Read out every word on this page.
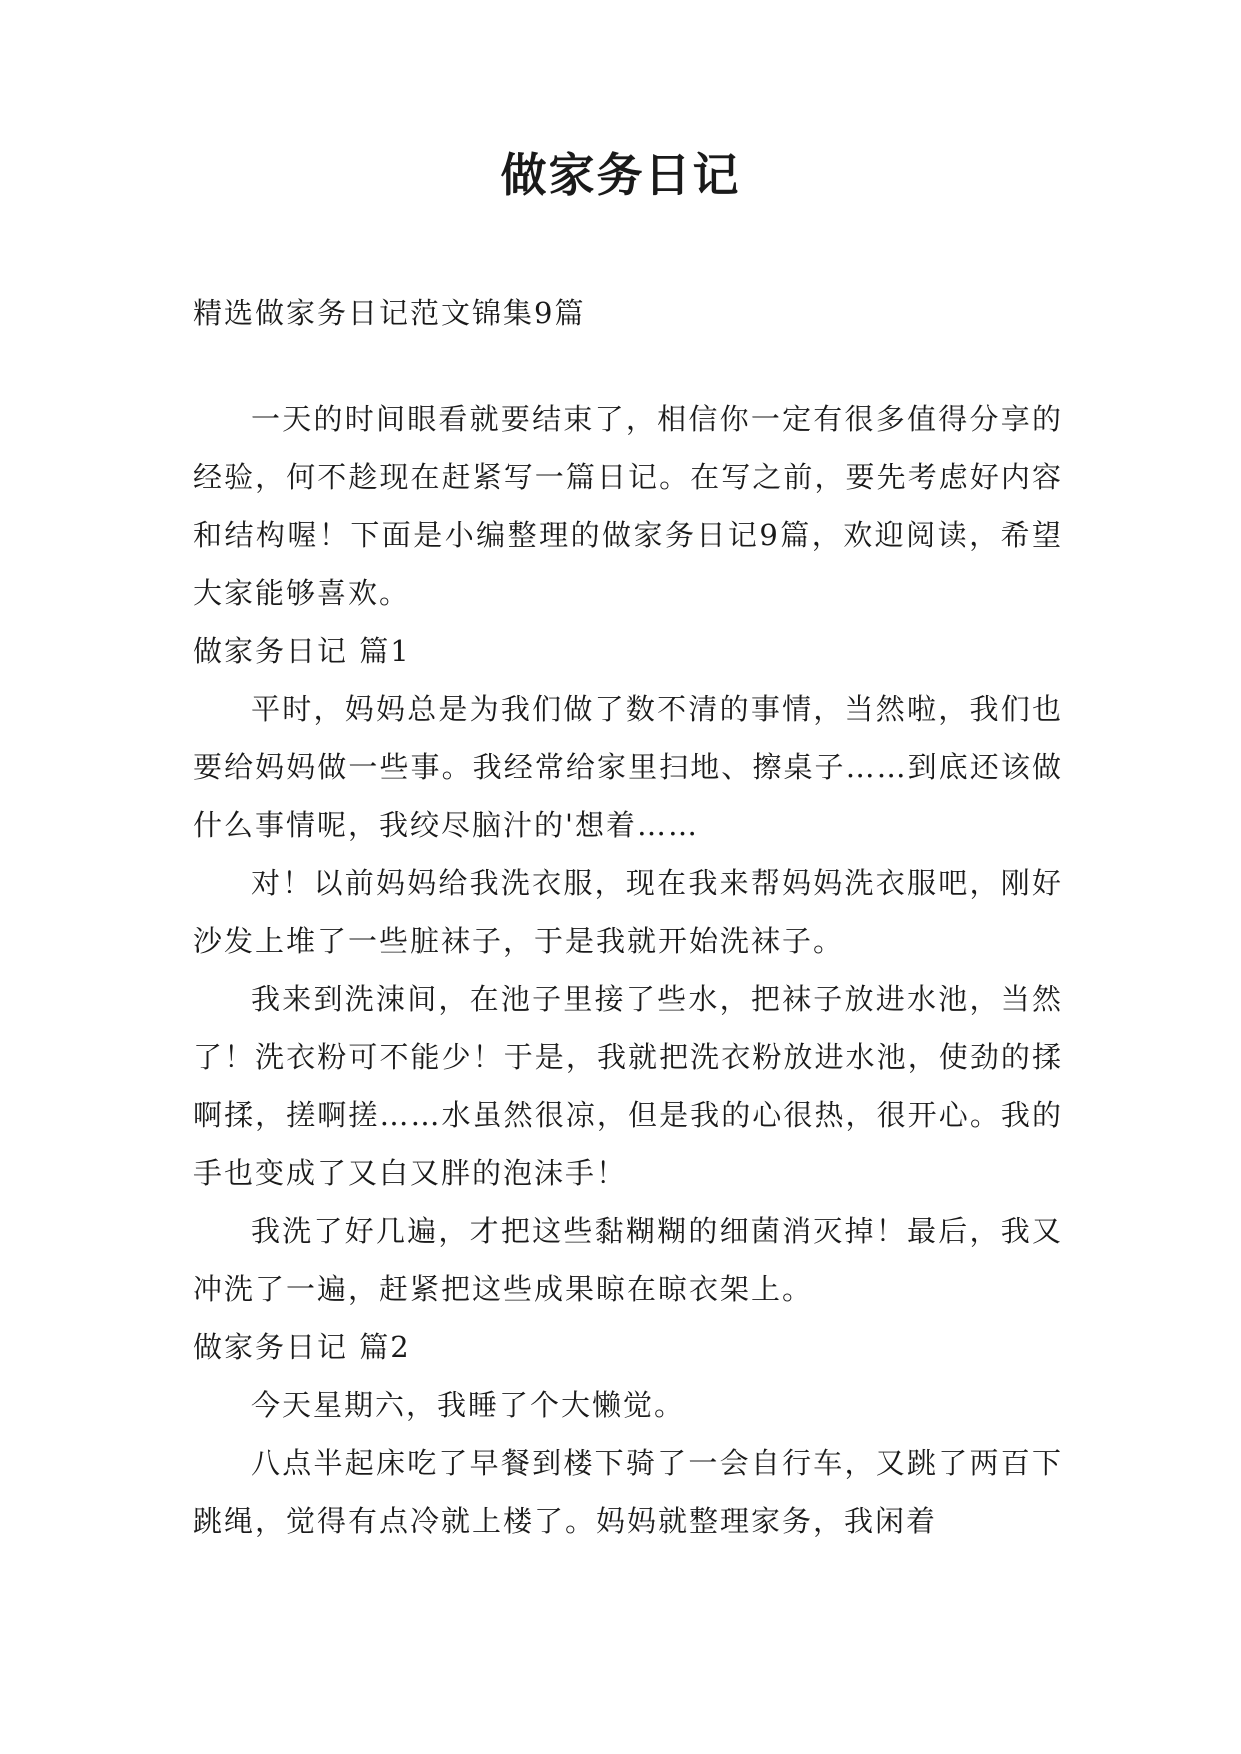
做家务日记

精选做家务日记范文锦集9篇

一天的时间眼看就要结束了，相信你一定有很多值得分享的经验，何不趁现在赶紧写一篇日记。在写之前，要先考虑好内容和结构喔！下面是小编整理的做家务日记9篇，欢迎阅读，希望大家能够喜欢。

做家务日记 篇1

平时，妈妈总是为我们做了数不清的事情，当然啦，我们也要给妈妈做一些事。我经常给家里扫地、擦桌子……到底还该做什么事情呢，我绞尽脑汁的'想着……

对！以前妈妈给我洗衣服，现在我来帮妈妈洗衣服吧，刚好沙发上堆了一些脏袜子，于是我就开始洗袜子。

我来到洗涑间，在池子里接了些水，把袜子放进水池，当然了！洗衣粉可不能少！于是，我就把洗衣粉放进水池，使劲的揉啊揉，搓啊搓……水虽然很凉，但是我的心很热，很开心。我的手也变成了又白又胖的泡沫手！

我洗了好几遍，才把这些黏糊糊的细菌消灭掉！最后，我又冲洗了一遍，赶紧把这些成果晾在晾衣架上。

做家务日记 篇2

今天星期六，我睡了个大懒觉。

八点半起床吃了早餐到楼下骑了一会自行车，又跳了两百下跳绳，觉得有点冷就上楼了。妈妈就整理家务，我闲着
